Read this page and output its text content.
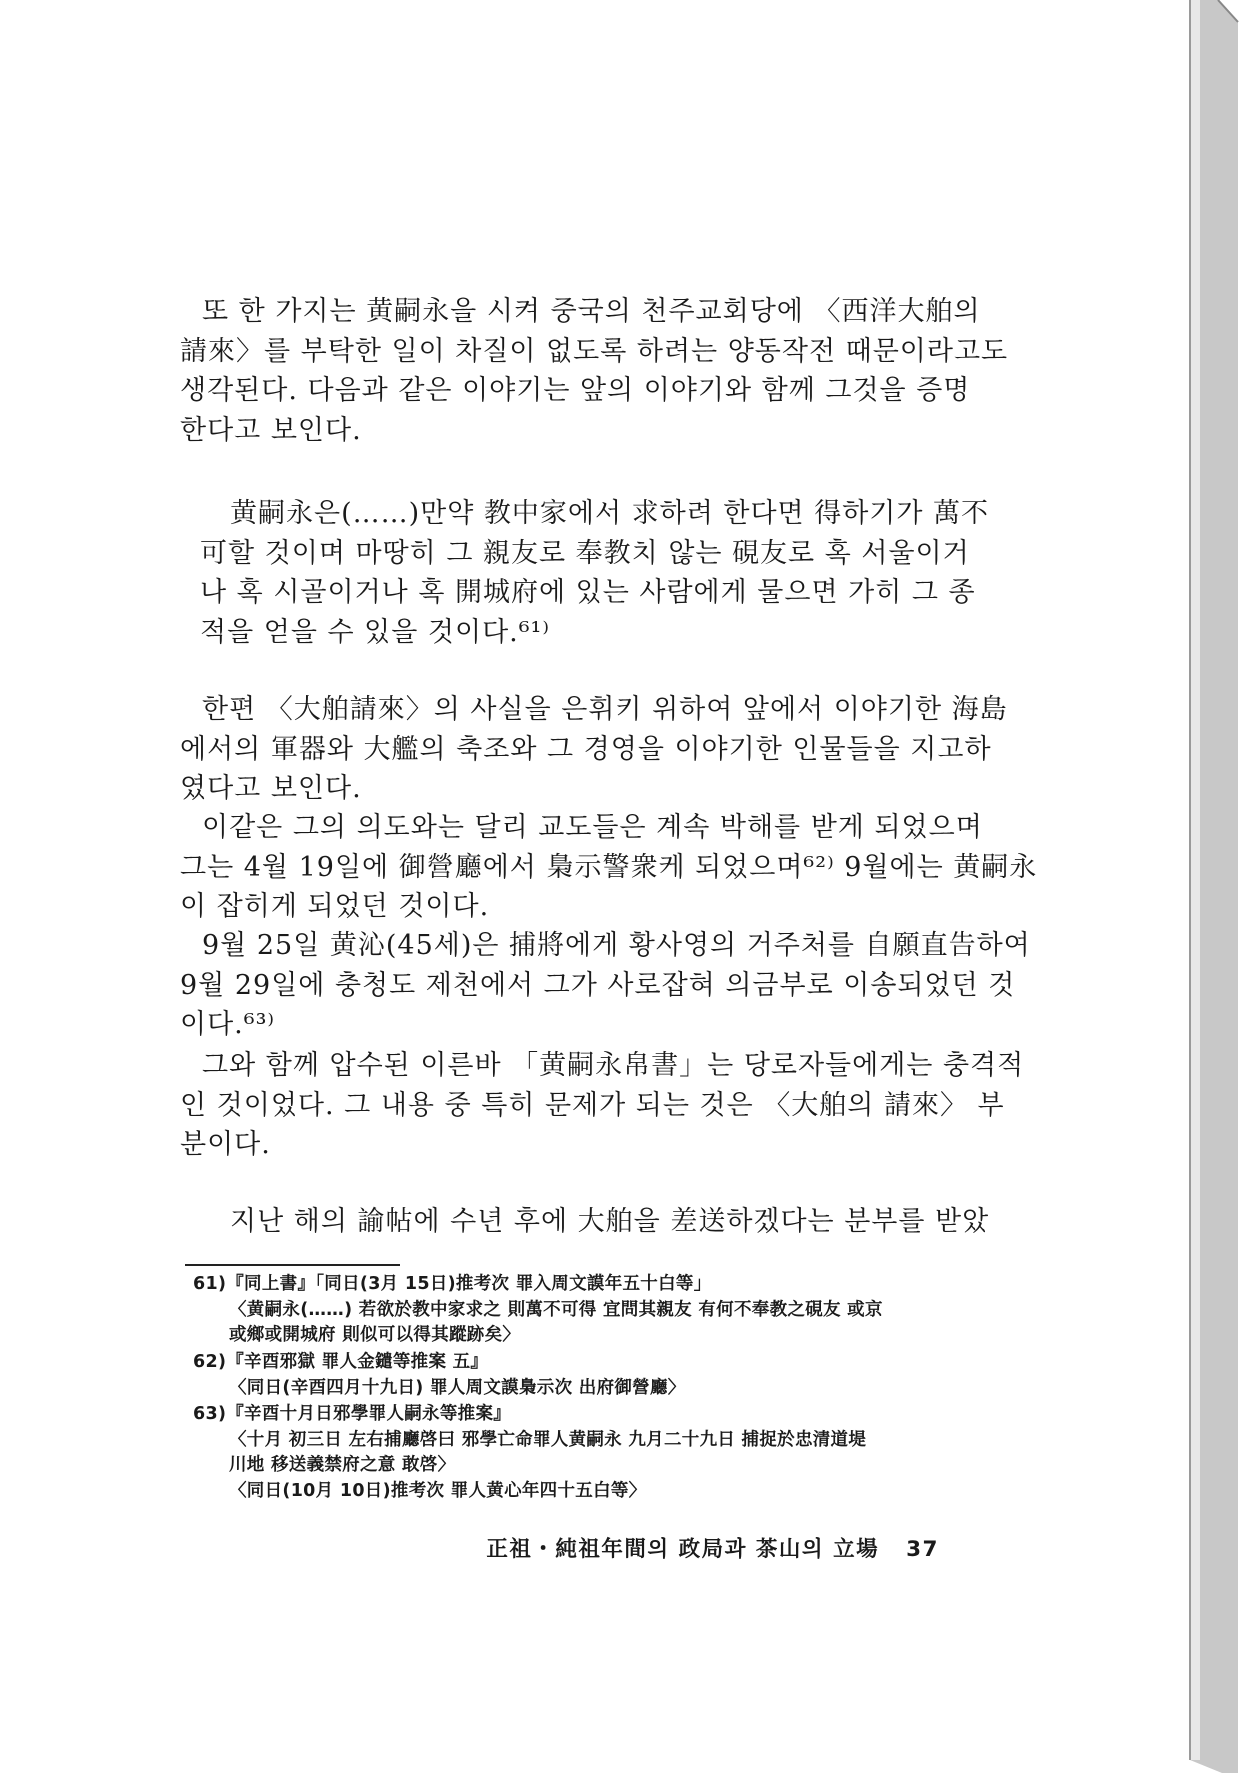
또 한 가지는 黄嗣永을 시켜 중국의 천주교회당에 〈西洋大舶의
請來〉를 부탁한 일이 차질이 없도록 하려는 양동작전 때문이라고도
생각된다. 다음과 같은 이야기는 앞의 이야기와 함께 그것을 증명
한다고 보인다.
黄嗣永은(……)만약 教中家에서 求하려 한다면 得하기가 萬不
可할 것이며 마땅히 그 親友로 奉教치 않는 硯友로 혹 서울이거
나 혹 시골이거나 혹 開城府에 있는 사람에게 물으면 가히 그 종
적을 얻을 수 있을 것이다.⁶¹⁾
한편 〈大舶請來〉의 사실을 은휘키 위하여 앞에서 이야기한 海島
에서의 軍器와 大艦의 축조와 그 경영을 이야기한 인물들을 지고하
였다고 보인다.
이같은 그의 의도와는 달리 교도들은 계속 박해를 받게 되었으며
그는 4월 19일에 御營廳에서 梟示警衆케 되었으며⁶²⁾ 9월에는 黄嗣永
이 잡히게 되었던 것이다.
9월 25일 黄沁(45세)은 捕將에게 황사영의 거주처를 自願直告하여
9월 29일에 충청도 제천에서 그가 사로잡혀 의금부로 이송되었던 것
이다.⁶³⁾
그와 함께 압수된 이른바 「黄嗣永帛書」는 당로자들에게는 충격적
인 것이었다. 그 내용 중 특히 문제가 되는 것은 〈大舶의 請來〉 부
분이다.
지난 해의 諭帖에 수년 후에 大舶을 差送하겠다는 분부를 받았
61)『同上書』「同日(3月 15日)推考次 罪入周文謨年五十白等」
〈黄嗣永(……) 若欲於教中家求之 則萬不可得 宜問其親友 有何不奉教之硯友 或京
或鄉或開城府 則似可以得其蹤跡矣〉
62)『辛酉邪獄 罪人金鑓等推案 五』
〈同日(辛酉四月十九日) 罪人周文謨梟示次 出府御營廳〉
63)『辛酉十月日邪學罪人嗣永等推案』
〈十月 初三日 左右捕廳啓曰 邪學亡命罪人黄嗣永 九月二十九日 捕捉於忠清道堤
川地 移送義禁府之意 敢啓〉
〈同日(10月 10日)推考次 罪人黄心年四十五白等〉
正祖・純祖年間의 政局과 茶山의 立場 37
